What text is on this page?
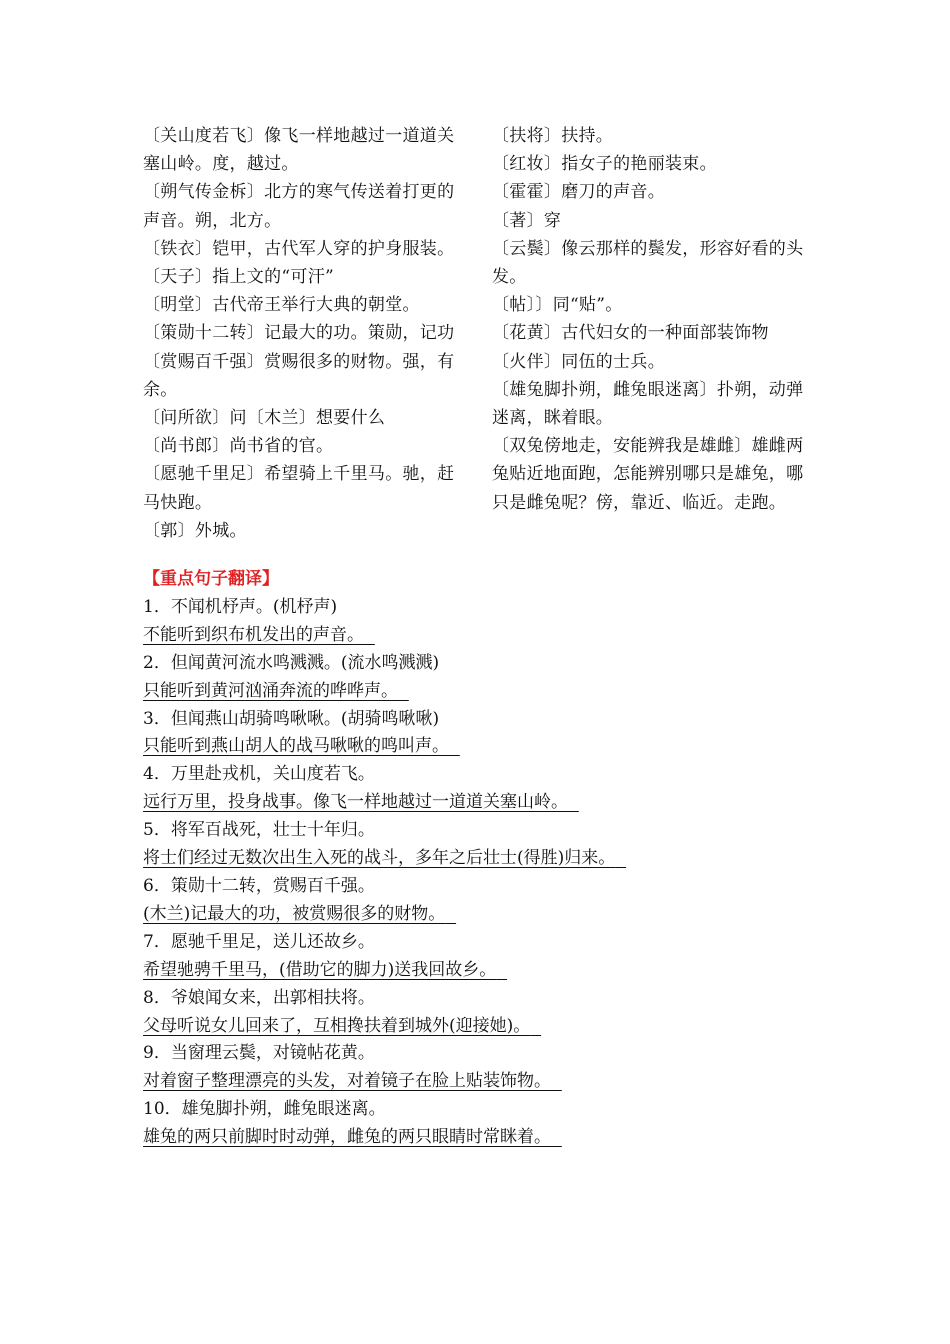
〔关山度若飞〕像飞一样地越过一道道关塞山岭。度，越过。

〔朔气传金柝〕北方的寒气传送着打更的声音。朔，北方。

〔铁衣〕铠甲，古代军人穿的护身服装。

〔天子〕指上文的“可汗”

〔明堂〕古代帝王举行大典的朝堂。

〔策勋十二转〕记最大的功。策勋，记功

〔赏赐百千强〕赏赐很多的财物。强，有余。

〔问所欲〕问〔木兰〕想要什么

〔尚书郎〕尚书省的官。

〔愿驰千里足〕希望骑上千里马。驰，赶马快跑。

〔郭〕外城。

〔扶将〕扶持。

〔红妆〕指女子的艳丽装束。

〔霍霍〕磨刀的声音。

〔著〕穿

〔云鬓〕像云那样的鬓发，形容好看的头发。

〔帖〕〕同“贴”。

〔花黄〕古代妇女的一种面部装饰物

〔火伴〕同伍的士兵。

〔雄兔脚扑朔，雌兔眼迷离〕扑朔，动弹迷离，眯着眼。

〔双兔傍地走，安能辨我是雄雌〕雄雌两兔贴近地面跑，怎能辨别哪只是雄兔，哪只是雌兔呢？傍，靠近、临近。走跑。

【重点句子翻译】

1．不闻机杼声。(机杼声)

不能听到织布机发出的声音。

2．但闻黄河流水鸣溅溅。(流水鸣溅溅)

只能听到黄河汹涌奔流的哗哗声。

3．但闻燕山胡骑鸣啾啾。(胡骑鸣啾啾)

只能听到燕山胡人的战马啾啾的鸣叫声。

4．万里赴戎机，关山度若飞。

远行万里，投身战事。像飞一样地越过一道道关塞山岭。

5．将军百战死，壮士十年归。

将士们经过无数次出生入死的战斗，多年之后壮士(得胜)归来。

6．策勋十二转，赏赐百千强。

(木兰)记最大的功，被赏赐很多的财物。

7．愿驰千里足，送儿还故乡。

希望驰骋千里马，(借助它的脚力)送我回故乡。

8．爷娘闻女来，出郭相扶将。

父母听说女儿回来了，互相搀扶着到城外(迎接她)。

9．当窗理云鬓，对镜帖花黄。

对着窗子整理漂亮的头发，对着镜子在脸上贴装饰物。

10．雄兔脚扑朔，雌兔眼迷离。

雄兔的两只前脚时时动弹，雌兔的两只眼睛时常眯着。
